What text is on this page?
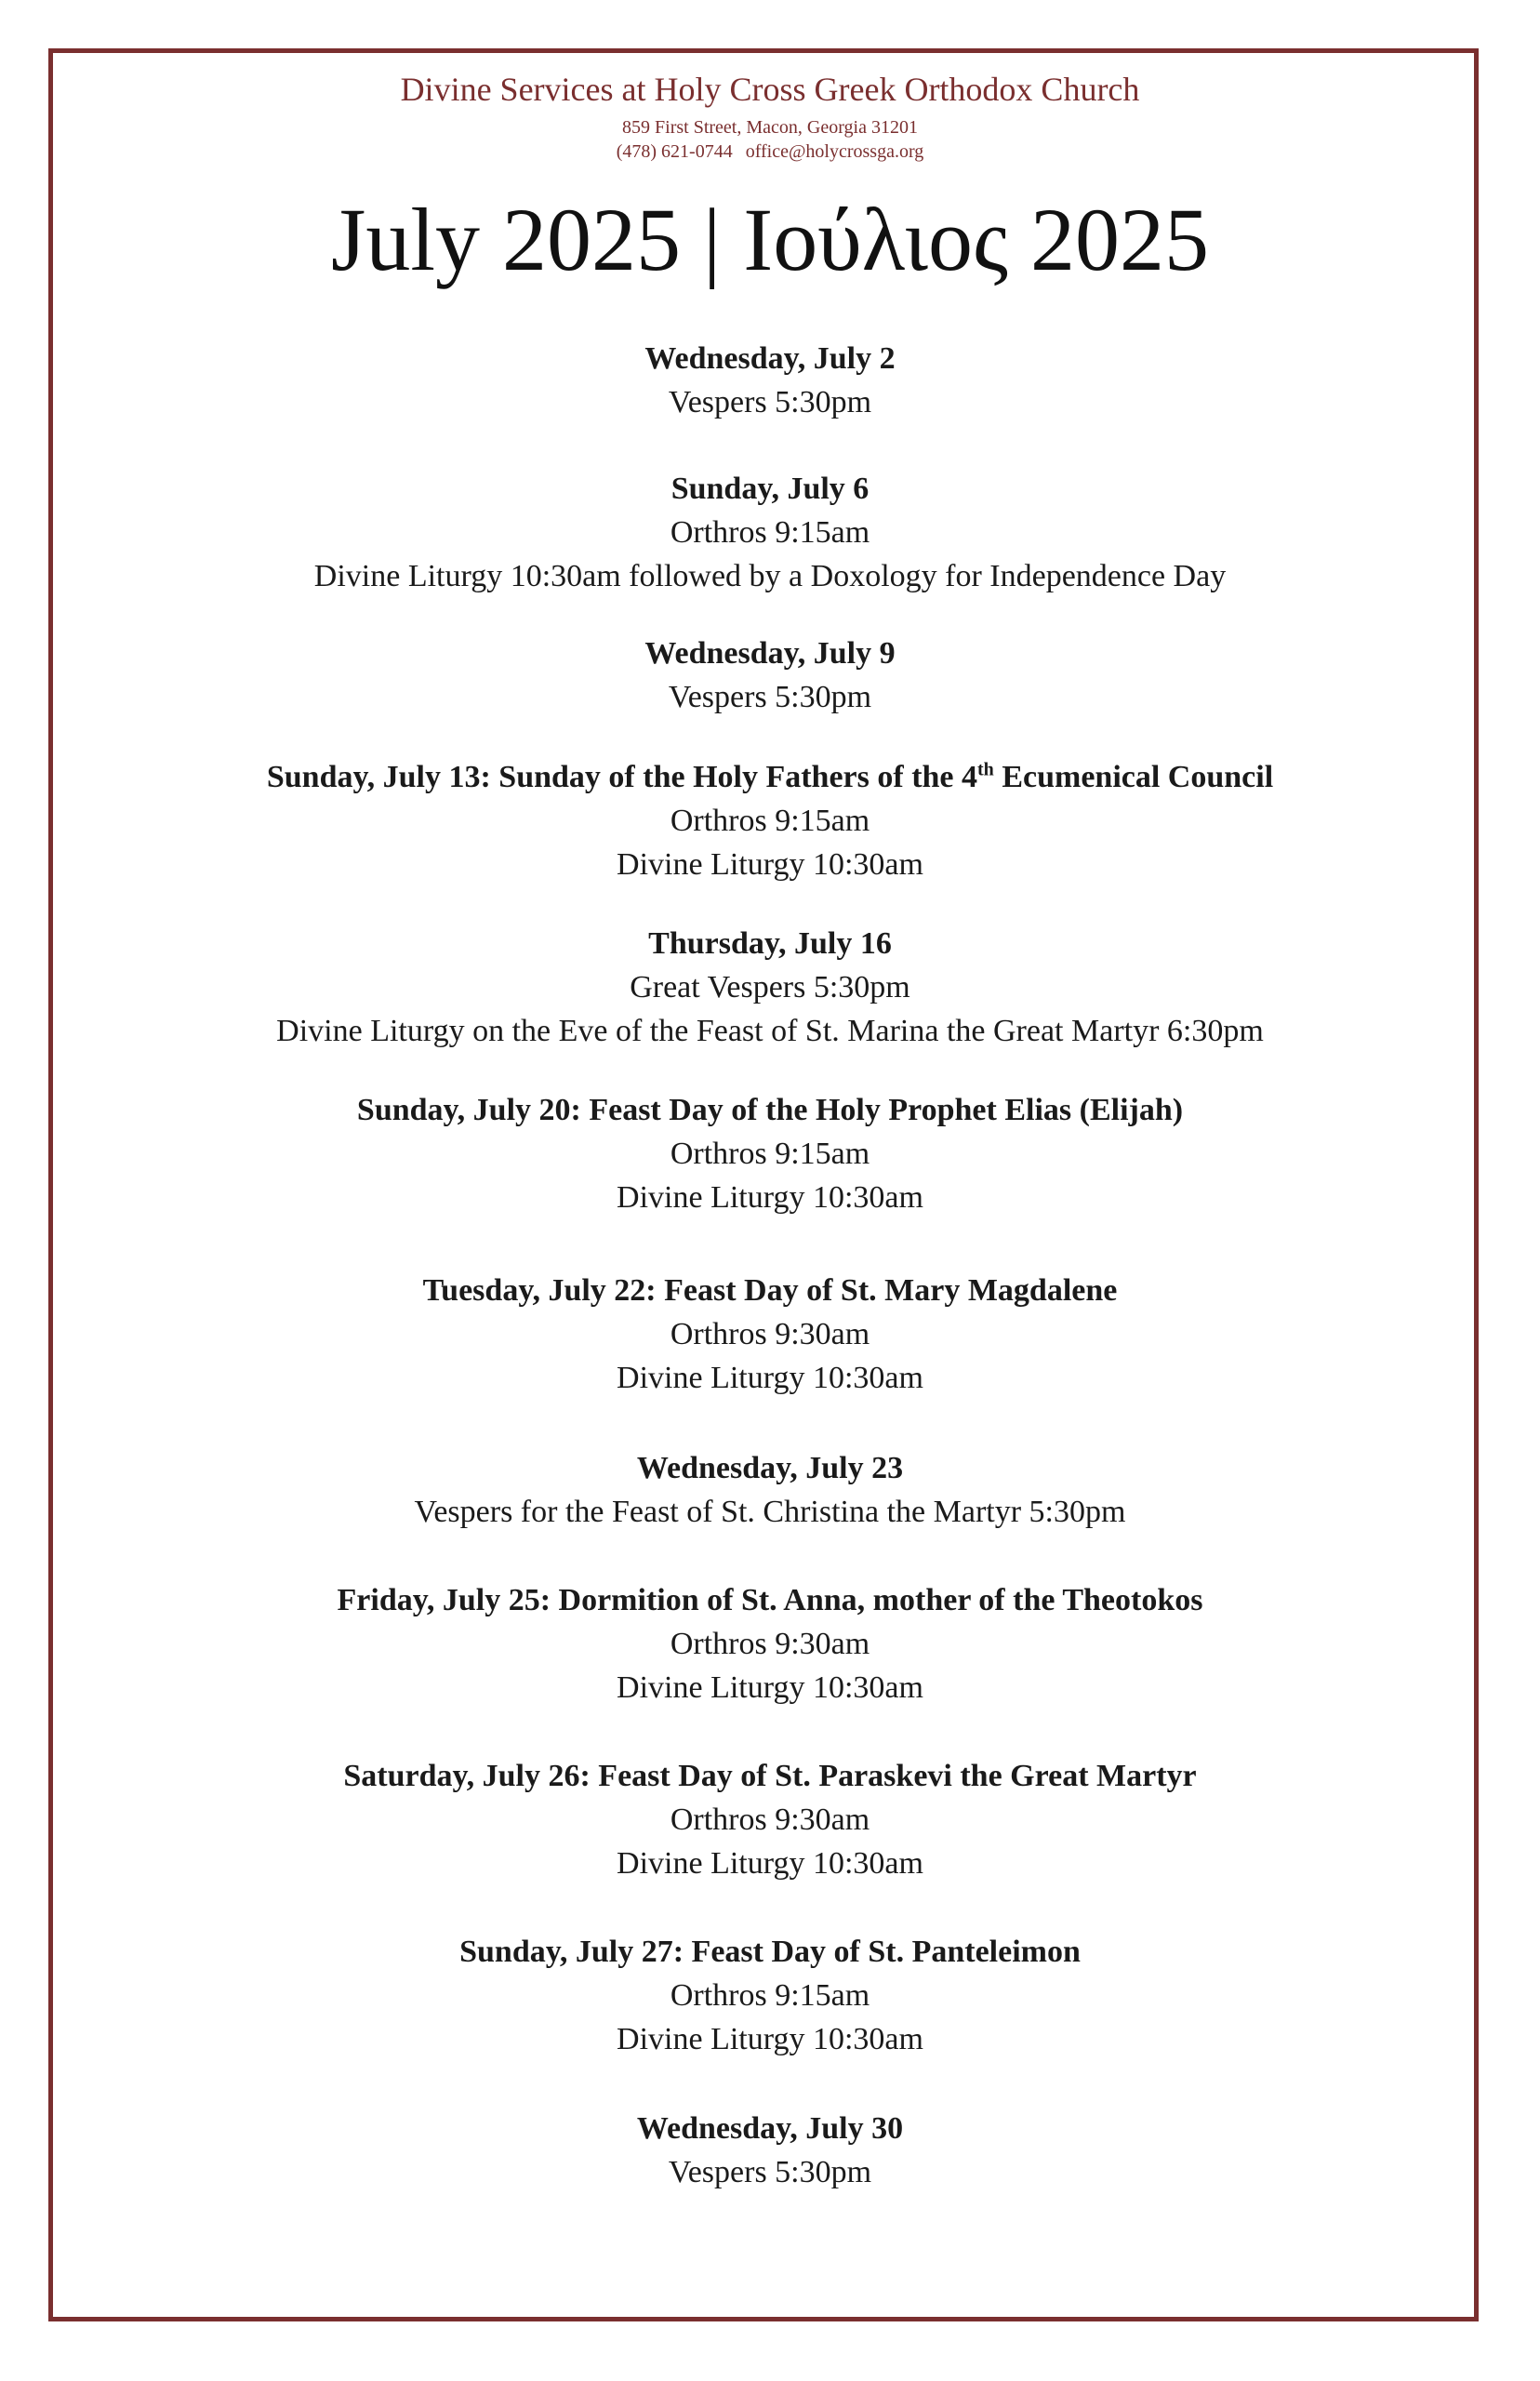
Divine Services at Holy Cross Greek Orthodox Church
859 First Street, Macon, Georgia 31201
(478) 621-0744 office@holycrossga.org
July 2025 | Ιούλιος 2025
Wednesday, July 2
Vespers 5:30pm
Sunday, July 6
Orthros 9:15am
Divine Liturgy 10:30am followed by a Doxology for Independence Day
Wednesday, July 9
Vespers 5:30pm
Sunday, July 13: Sunday of the Holy Fathers of the 4th Ecumenical Council
Orthros 9:15am
Divine Liturgy 10:30am
Thursday, July 16
Great Vespers 5:30pm
Divine Liturgy on the Eve of the Feast of St. Marina the Great Martyr 6:30pm
Sunday, July 20: Feast Day of the Holy Prophet Elias (Elijah)
Orthros 9:15am
Divine Liturgy 10:30am
Tuesday, July 22: Feast Day of St. Mary Magdalene
Orthros 9:30am
Divine Liturgy 10:30am
Wednesday, July 23
Vespers for the Feast of St. Christina the Martyr 5:30pm
Friday, July 25: Dormition of St. Anna, mother of the Theotokos
Orthros 9:30am
Divine Liturgy 10:30am
Saturday, July 26: Feast Day of St. Paraskevi the Great Martyr
Orthros 9:30am
Divine Liturgy 10:30am
Sunday, July 27: Feast Day of St. Panteleimon
Orthros 9:15am
Divine Liturgy 10:30am
Wednesday, July 30
Vespers 5:30pm
